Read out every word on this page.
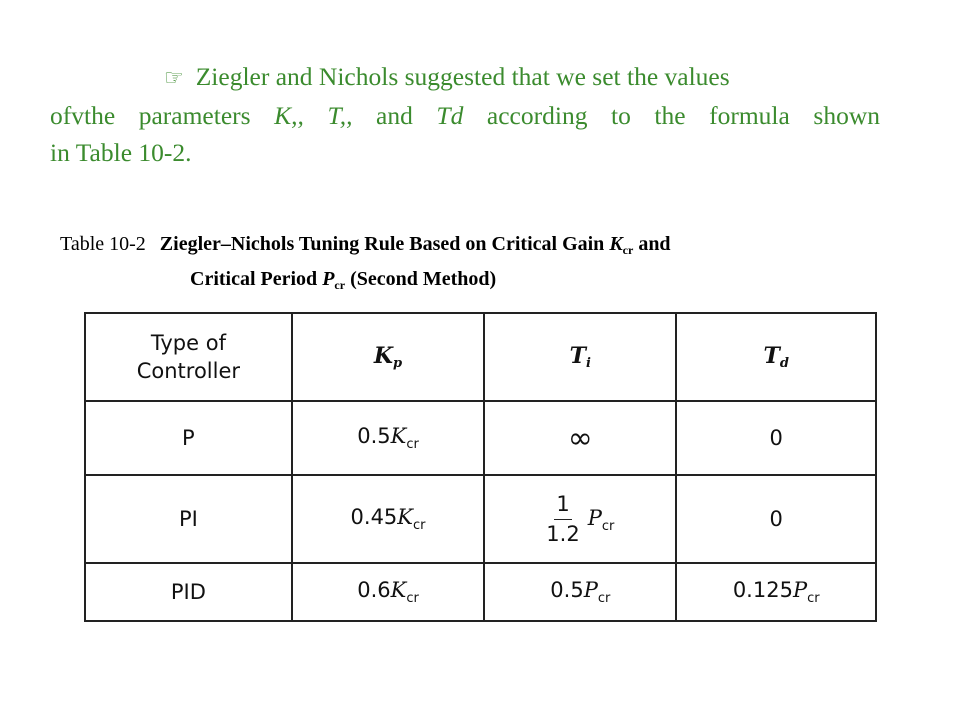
☞ Ziegler and Nichols suggested that we set the values
ofvthe parameters K,, T,, and Td according to the formula shown
in Table 10-2.
Table 10-2 Ziegler–Nichols Tuning Rule Based on Critical Gain $K_{cr}$ and
Critical Period $P_{cr}$ (Second Method)
Type of
Controller	$K_p$	$T_i$	$T_d$
P	$0.5K_{cr}$	∞	0
PI	$0.45K_{cr}$	$\frac{1}{1.2} P_{cr}$	0
PID	$0.6K_{cr}$	$0.5P_{cr}$	$0.125P_{cr}$
